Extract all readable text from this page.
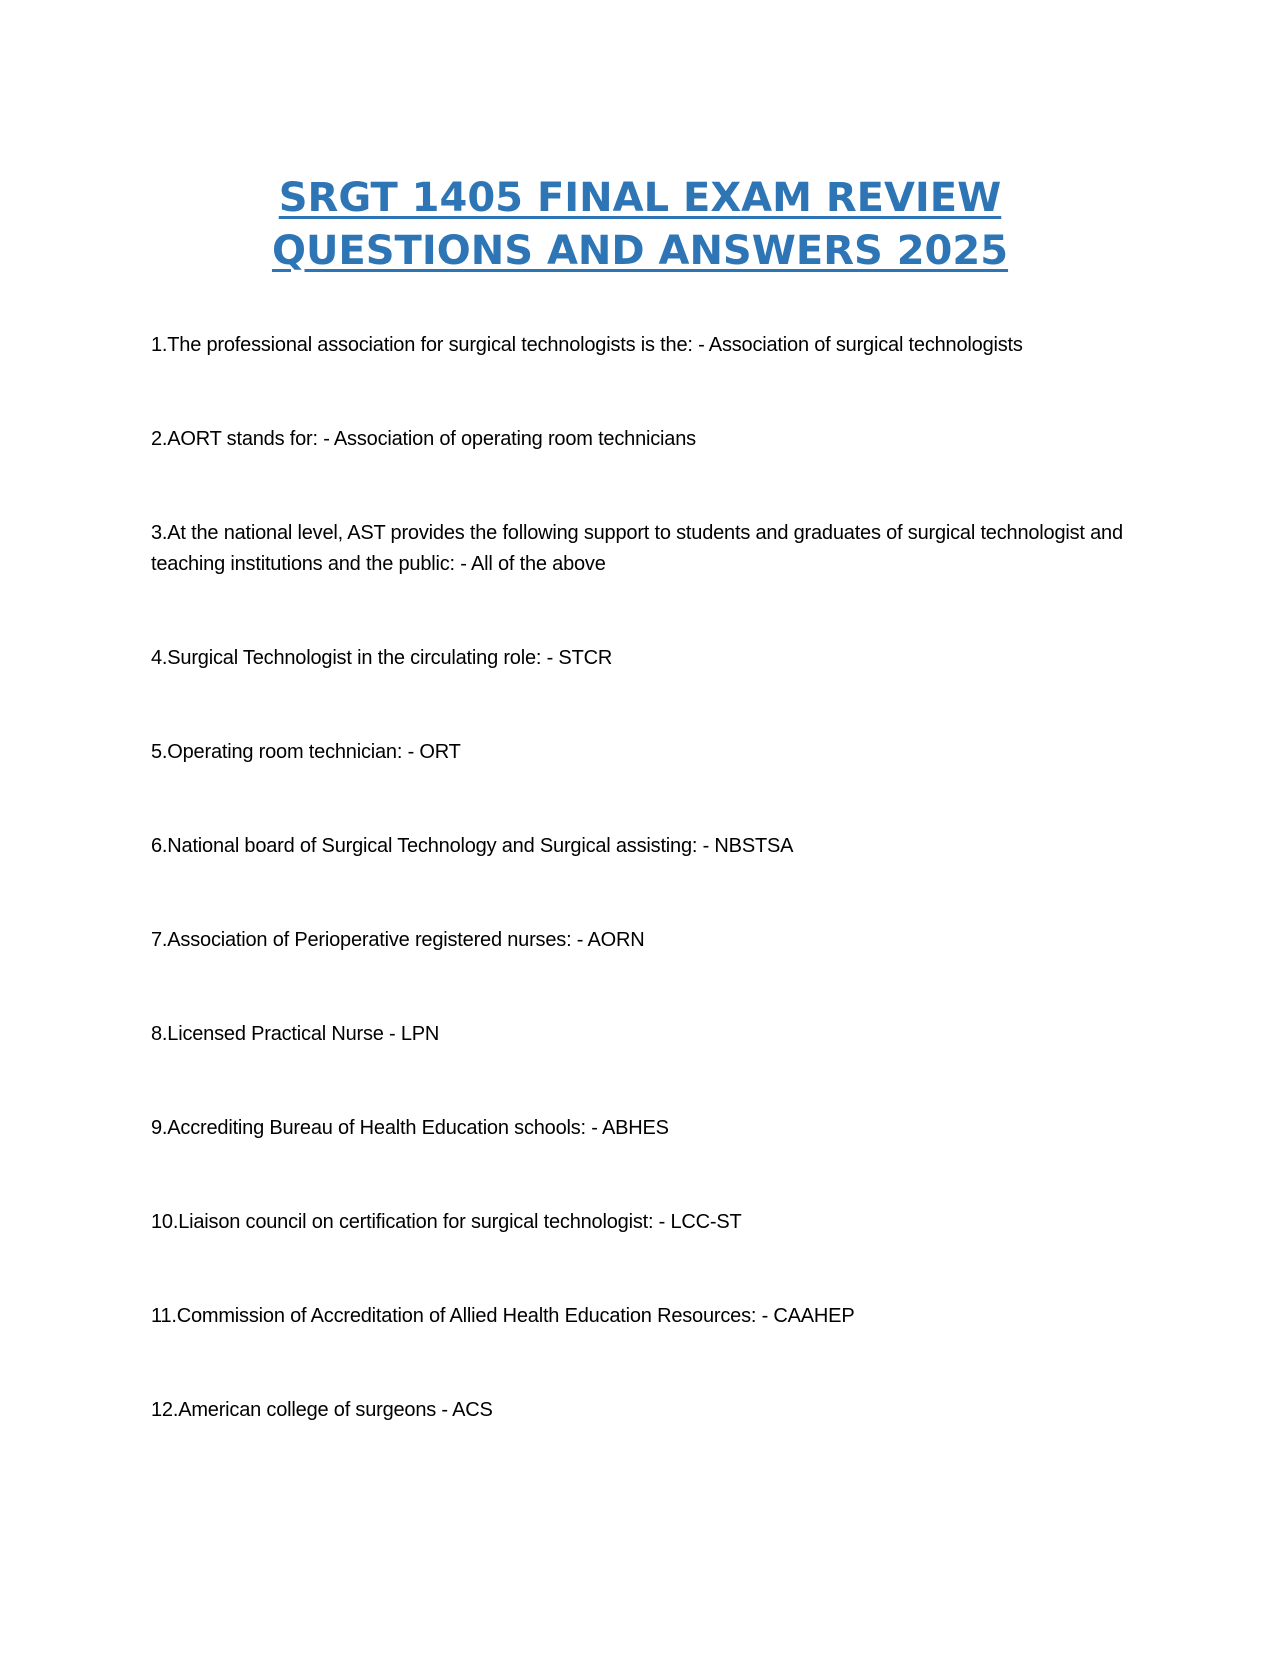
SRGT 1405 FINAL EXAM REVIEW
QUESTIONS AND ANSWERS 2025
1.The professional association for surgical technologists is the: - Association of surgical technologists
2.AORT stands for: - Association of operating room technicians
3.At the national level, AST provides the following support to students and graduates of surgical technologist and teaching institutions and the public: - All of the above
4.Surgical Technologist in the circulating role: - STCR
5.Operating room technician: - ORT
6.National board of Surgical Technology and Surgical assisting: - NBSTSA
7.Association of Perioperative registered nurses: - AORN
8.Licensed Practical Nurse - LPN
9.Accrediting Bureau of Health Education schools: - ABHES
10.Liaison council on certification for surgical technologist: - LCC-ST
11.Commission of Accreditation of Allied Health Education Resources: - CAAHEP
12.American college of surgeons - ACS
